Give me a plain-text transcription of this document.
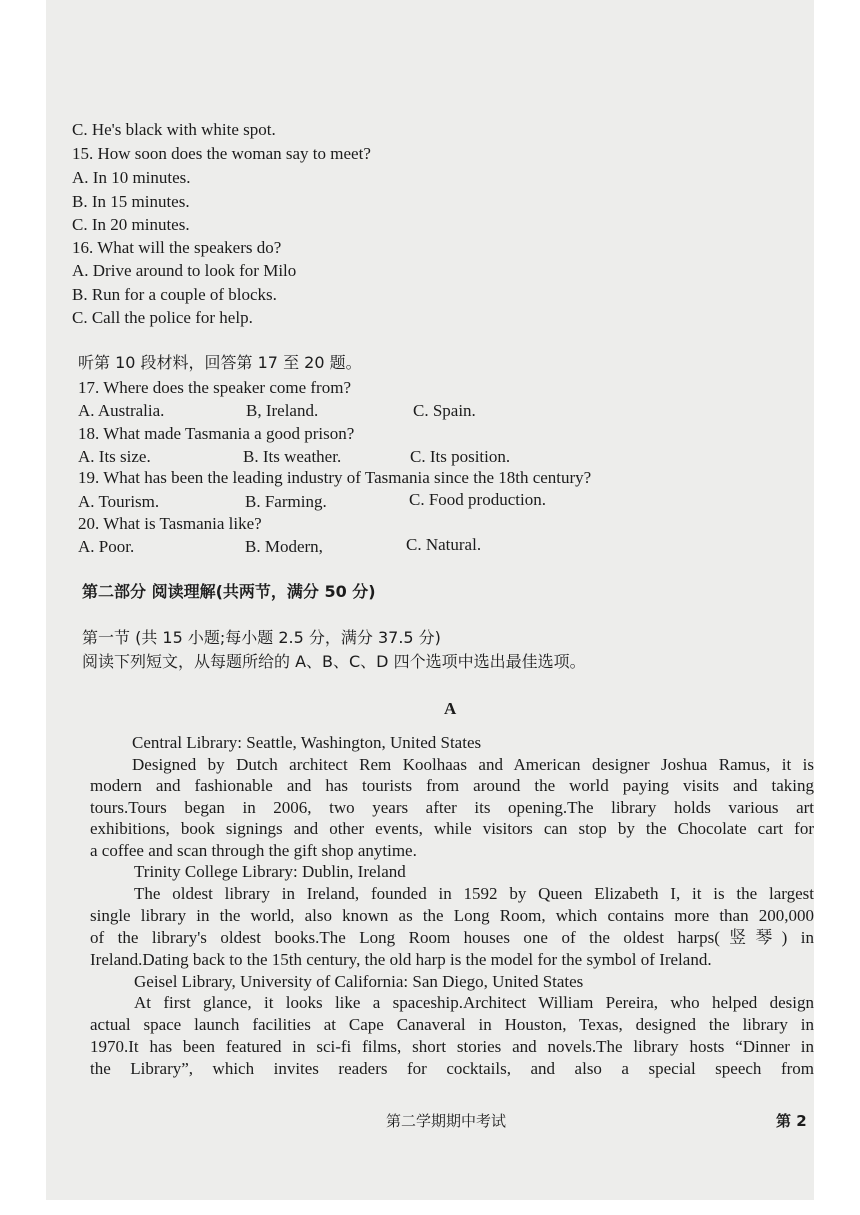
C. He's black with white spot.
15. How soon does the woman say to meet?
A. In 10 minutes.
B. In 15 minutes.
C. In 20 minutes.
16. What will the speakers do?
A. Drive around to look for Milo
B. Run for a couple of blocks.
C. Call the police for help.
听第 10 段材料，回答第 17 至 20 题。
17. Where does the speaker come from?
A. Australia.	B, Ireland.	C. Spain.
18. What made Tasmania a good prison?
A. Its size.	B. Its weather.	C. Its position.
19. What has been the leading industry of Tasmania since the 18th century?
A. Tourism.	B. Farming.	C. Food production.
20. What is Tasmania like?
A. Poor.	B. Modern,	C. Natural.
第二部分 阅读理解(共两节，满分 50 分)
第一节 (共 15 小题;每小题 2.5 分，满分 37.5 分)
阅读下列短文，从每题所给的 A、B、C、D 四个选项中选出最佳选项。
A
Central Library: Seattle, Washington, United States
Designed by Dutch architect Rem Koolhaas and American designer Joshua Ramus, it is
modern and fashionable and has tourists from around the world paying visits and taking
tours.Tours began in 2006, two years after its opening.The library holds various art
exhibitions, book signings and other events, while visitors can stop by the Chocolate cart for
a coffee and scan through the gift shop anytime.
Trinity College Library: Dublin, Ireland
The oldest library in Ireland, founded in 1592 by Queen Elizabeth I, it is the largest
single library in the world, also known as the Long Room, which contains more than 200,000
of the library's oldest books.The Long Room houses one of the oldest harps(竖琴) in
Ireland.Dating back to the 15th century, the old harp is the model for the symbol of Ireland.
Geisel Library, University of California: San Diego, United States
At first glance, it looks like a spaceship.Architect William Pereira, who helped design
actual space launch facilities at Cape Canaveral in Houston, Texas, designed the library in
1970.It has been featured in sci-fi films, short stories and novels.The library hosts “Dinner in
the Library”, which invites readers for cocktails, and also a special speech from
第二学期期中考试	第 2
